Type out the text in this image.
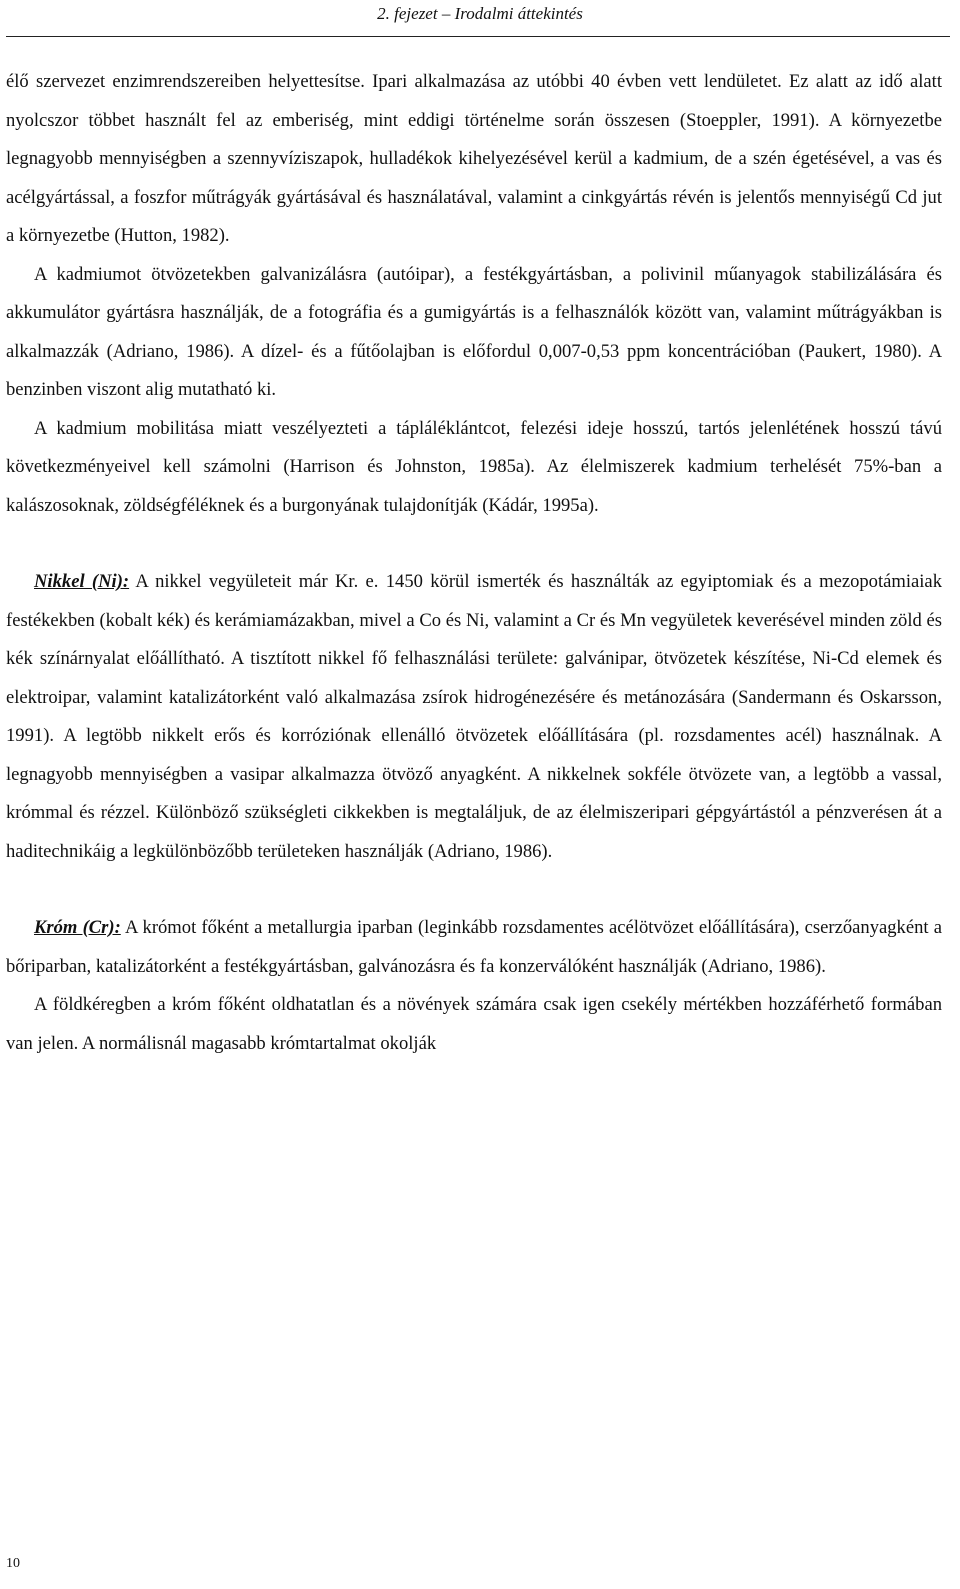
2. fejezet – Irodalmi áttekintés

élő szervezet enzimrendszereiben helyettesítse. Ipari alkalmazása az utóbbi 40 évben vett lendületet. Ez alatt az idő alatt nyolcszor többet használt fel az emberiség, mint eddigi történelme során összesen (Stoeppler, 1991). A környezetbe legnagyobb mennyiségben a szennyvíziszapok, hulladékok kihelyezésével kerül a kadmium, de a szén égetésével, a vas és acélgyártással, a foszfor műtrágyák gyártásával és használatával, valamint a cinkgyártás révén is jelentős mennyiségű Cd jut a környezetbe (Hutton, 1982).

A kadmiumot ötvözetekben galvanizálásra (autóipar), a festékgyártásban, a polivinil műanyagok stabilizálására és akkumulátor gyártásra használják, de a fotográfia és a gumigyártás is a felhasználók között van, valamint műtrágyákban is alkalmazzák (Adriano, 1986). A dízel- és a fűtőolajban is előfordul 0,007-0,53 ppm koncentrációban (Paukert, 1980). A benzinben viszont alig mutatható ki.

A kadmium mobilitása miatt veszélyezteti a tápláléklántcot, felezési ideje hosszú, tartós jelenlétének hosszú távú következményeivel kell számolni (Harrison és Johnston, 1985a). Az élelmiszerek kadmium terhelését 75%-ban a kalászosoknak, zöldségféléknek és a burgonyának tulajdonítják (Kádár, 1995a).

Nikkel (Ni): A nikkel vegyületeit már Kr. e. 1450 körül ismerték és használták az egyiptomiak és a mezopotámiaiak festékekben (kobalt kék) és kerámiamázakban, mivel a Co és Ni, valamint a Cr és Mn vegyületek keverésével minden zöld és kék színárnyalat előállítható. A tisztított nikkel fő felhasználási területe: galvánipar, ötvözetek készítése, Ni-Cd elemek és elektroipar, valamint katalizátorként való alkalmazása zsírok hidrogénezésére és metánozására (Sandermann és Oskarsson, 1991). A legtöbb nikkelt erős és korróziónak ellenálló ötvözetek előállítására (pl. rozsdamentes acél) használnak. A legnagyobb mennyiségben a vasipar alkalmazza ötvöző anyagként. A nikkelnek sokféle ötvözete van, a legtöbb a vassal, krómmal és rézzel. Különböző szükségleti cikkekben is megtaláljuk, de az élelmiszeripari gépgyártástól a pénzverésen át a haditechnikáig a legkülönbözőbb területeken használják (Adriano, 1986).

Króm (Cr): A krómot főként a metallurgia iparban (leginkább rozsdamentes acélötvözet előállítására), cserzőanyagként a bőriparban, katalizátorként a festékgyártásban, galvánozásra és fa konzerválóként használják (Adriano, 1986).

A földkéregben a króm főként oldhatatlan és a növények számára csak igen csekély mértékben hozzáférhető formában van jelen. A normálisnál magasabb krómtartalmat okolják

10
